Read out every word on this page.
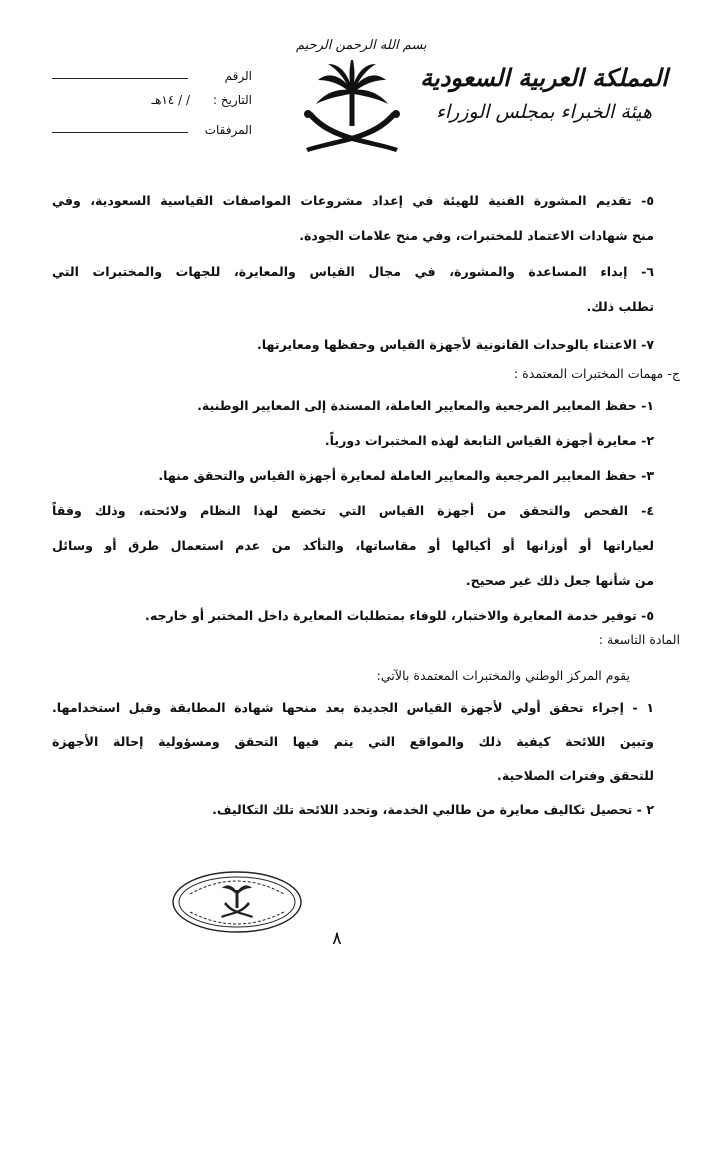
بسم الله الرحمن الرحيم
المملكة العربية السعودية
هيئة الخبراء بمجلس الوزراء
الرقم
التاريخ :
/ / ١٤هـ
المرفقات
٥- تقديم المشورة الفنية للهيئة في إعداد مشروعات المواصفات القياسية السعودية، وفي
منح شهادات الاعتماد للمختبرات، وفي منح علامات الجودة.
٦- إبداء المساعدة والمشورة، في مجال القياس والمعايرة، للجهات والمختبرات التي
تطلب ذلك.
٧- الاعتناء بالوحدات القانونية لأجهزة القياس وحفظها ومعايرتها.
ج- مهمات المختبرات المعتمدة :
١- حفظ المعايير المرجعية والمعايير العاملة، المسندة إلى المعايير الوطنية.
٢- معايرة أجهزة القياس التابعة لهذه المختبرات دورياً.
٣- حفظ المعايير المرجعية والمعايير العاملة لمعايرة أجهزة القياس والتحقق منها.
٤- الفحص والتحقق من أجهزة القياس التي تخضع لهذا النظام ولائحته، وذلك وفقاً
لعياراتها أو أوزانها أو أكيالها أو مقاساتها، والتأكد من عدم استعمال طرق أو وسائل
من شأنها جعل ذلك غير صحيح.
٥- توفير خدمة المعايرة والاختبار، للوفاء بمتطلبات المعايرة داخل المختبر أو خارجه.
المادة التاسعة :
يقوم المركز الوطني والمختبرات المعتمدة بالآتي:
١ - إجراء تحقق أولي لأجهزة القياس الجديدة بعد منحها شهادة المطابقة وقبل استخدامها.
وتبين اللائحة كيفية ذلك والمواقع التي يتم فيها التحقق ومسؤولية إحالة الأجهزة
للتحقق وفترات الصلاحية.
٢ - تحصيل تكاليف معايرة من طالبي الخدمة، وتحدد اللائحة تلك التكاليف.
٨
